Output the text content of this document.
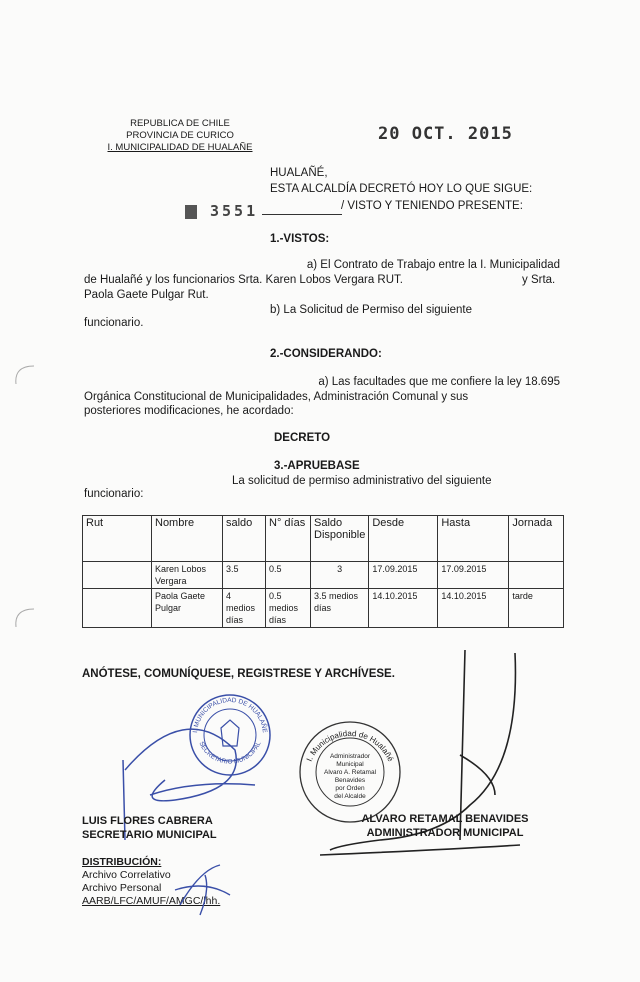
REPUBLICA DE CHILE
PROVINCIA DE CURICO
I. MUNICIPALIDAD DE HUALAÑE
20 OCT. 2015
HUALAÑÉ,
ESTA ALCALDÍA DECRETÓ HOY LO QUE SIGUE:
3551	/ VISTO Y TENIENDO PRESENTE:
1.-VISTOS:
a) El Contrato de Trabajo entre la I. Municipalidad
de Hualañé y los funcionarios Srta. Karen Lobos Vergara RUT.	y Srta.
Paola Gaete Pulgar Rut.
b) La Solicitud de Permiso del siguiente
funcionario.
2.-CONSIDERANDO:
a) Las facultades que me confiere la ley 18.695
Orgánica Constitucional de Municipalidades, Administración Comunal y sus
posteriores modificaciones, he acordado:
DECRETO
3.-APRUEBASE
La solicitud de permiso administrativo del siguiente
funcionario:
Rut	Nombre	saldo	N° días	Saldo Disponible	Desde	Hasta	Jornada
	Karen Lobos Vergara	3.5	0.5	3	17.09.2015	17.09.2015	
	Paola Gaete Pulgar	4 medios días	0.5 medios días	3.5 medios días	14.10.2015	14.10.2015	tarde
ANÓTESE, COMUNÍQUESE, REGISTRESE Y ARCHÍVESE.
I. MUNICIPALIDAD DE HUALAÑE
SECRETARIO MUNICIPAL
I. Municipalidad de Hualañé
Administrador
Municipal
Alvaro A. Retamal
Benavides
por Orden
del Alcalde
LUIS FLORES CABRERA
SECRETARIO MUNICIPAL
ALVARO RETAMAL BENAVIDES
ADMINISTRADOR MUNICIPAL
DISTRIBUCIÓN:
Archivo Correlativo
Archivo Personal
AARB/LFC/AMUF/AMGC/lhh.
